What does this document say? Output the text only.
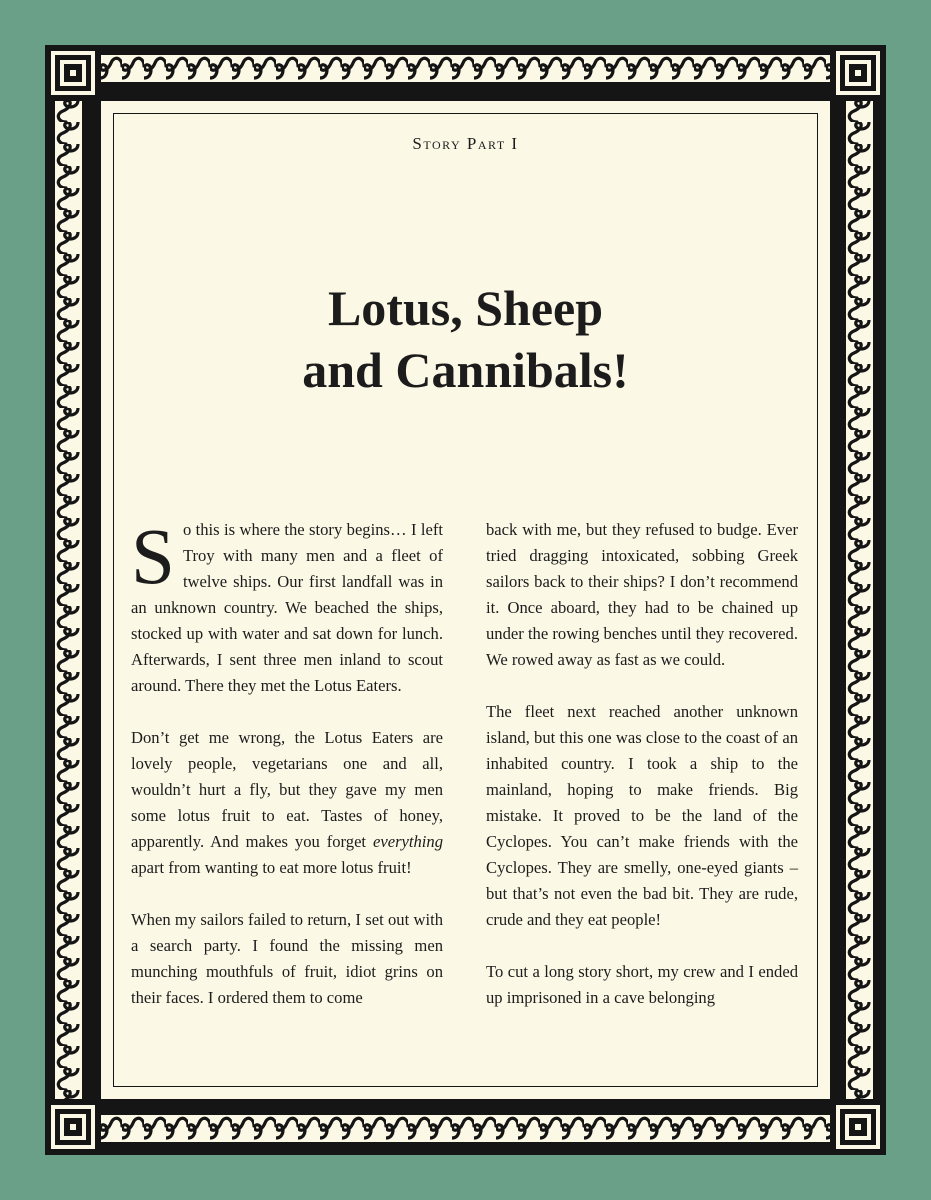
Story Part I
Lotus, Sheep
and Cannibals!

So this is where the story begins… I left Troy with many men and a fleet of twelve ships. Our first landfall was in an unknown country. We beached the ships, stocked up with water and sat down for lunch. Afterwards, I sent three men inland to scout around. There they met the Lotus Eaters.

Don’t get me wrong, the Lotus Eaters are lovely people, vegetarians one and all, wouldn’t hurt a fly, but they gave my men some lotus fruit to eat. Tastes of honey, apparently. And makes you forget everything apart from wanting to eat more lotus fruit!

When my sailors failed to return, I set out with a search party. I found the missing men munching mouthfuls of fruit, idiot grins on their faces. I ordered them to come

back with me, but they refused to budge. Ever tried dragging intoxicated, sobbing Greek sailors back to their ships? I don’t recommend it. Once aboard, they had to be chained up under the rowing benches until they recovered. We rowed away as fast as we could.

The fleet next reached another unknown island, but this one was close to the coast of an inhabited country. I took a ship to the mainland, hoping to make friends. Big mistake. It proved to be the land of the Cyclopes. You can’t make friends with the Cyclopes. They are smelly, one-eyed giants – but that’s not even the bad bit. They are rude, crude and they eat people!

To cut a long story short, my crew and I ended up imprisoned in a cave belonging
